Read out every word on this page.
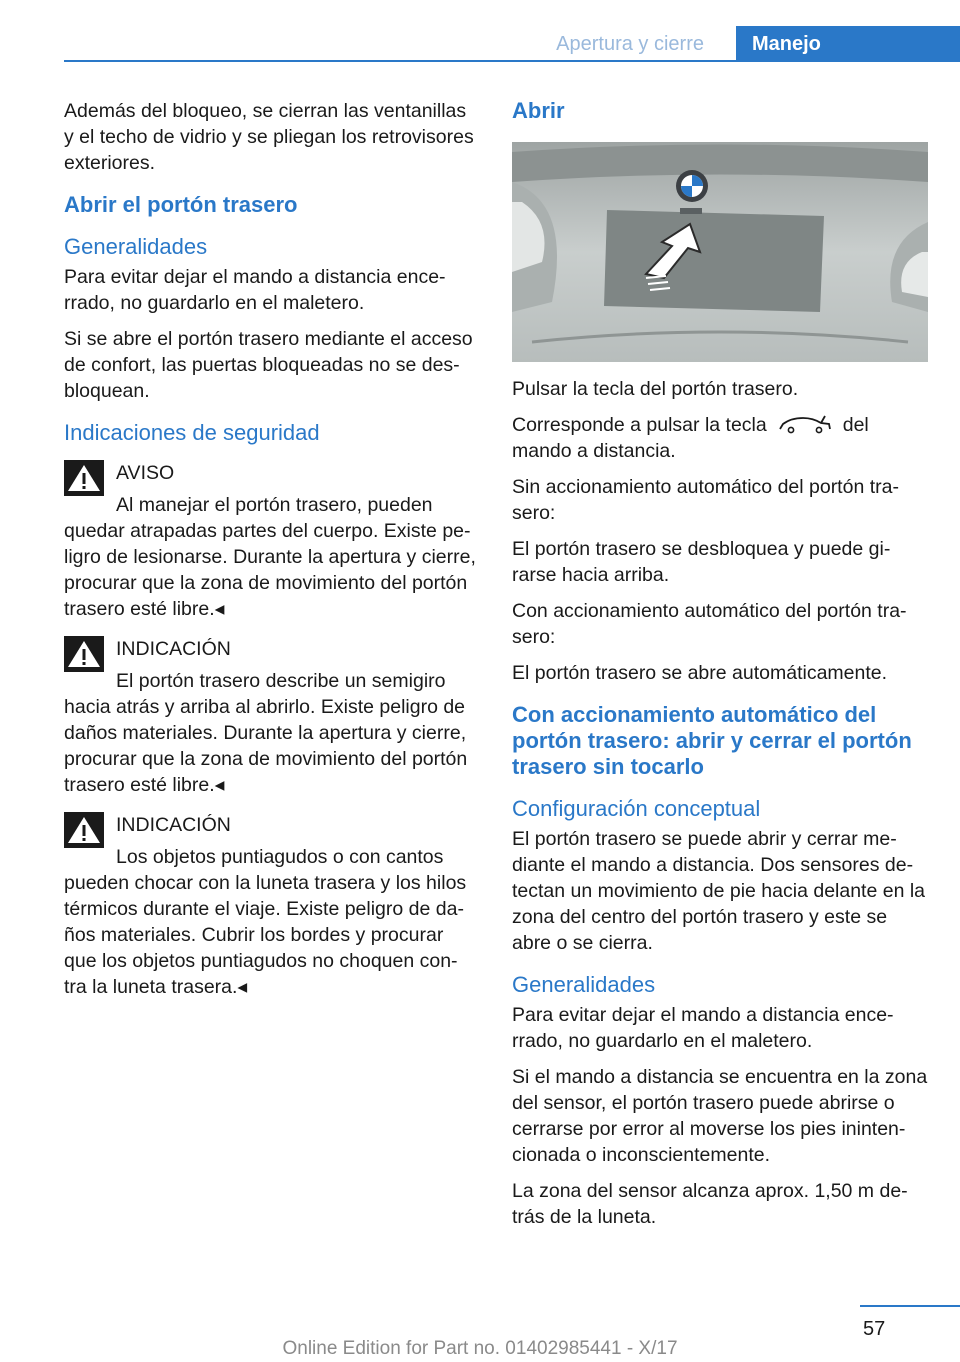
Apertura y cierre	Manejo

Además del bloqueo, se cierran las ventanillas y el techo de vidrio y se pliegan los retrovisores exteriores.

Abrir el portón trasero
Generalidades

Para evitar dejar el mando a distancia ence-rrado, no guardarlo en el maletero.

Si se abre el portón trasero mediante el acceso de confort, las puertas bloqueadas no se des-bloquean.

Indicaciones de seguridad
AVISO

Al manejar el portón trasero, pueden quedar atrapadas partes del cuerpo. Existe pe-ligro de lesionarse. Durante la apertura y cierre, procurar que la zona de movimiento del portón trasero esté libre.◂

INDICACIÓN

El portón trasero describe un semigiro hacia atrás y arriba al abrirlo. Existe peligro de daños materiales. Durante la apertura y cierre, procurar que la zona de movimiento del portón trasero esté libre.◂

INDICACIÓN

Los objetos puntiagudos o con cantos pueden chocar con la luneta trasera y los hilos térmicos durante el viaje. Existe peligro de da-ños materiales. Cubrir los bordes y procurar que los objetos puntiagudos no choquen con-tra la luneta trasera.◂

Abrir

Pulsar la tecla del portón trasero.

Corresponde a pulsar la tecla	del mando a distancia.

Sin accionamiento automático del portón tra-sero:

El portón trasero se desbloquea y puede gi-rarse hacia arriba.

Con accionamiento automático del portón tra-sero:

El portón trasero se abre automáticamente.

Con accionamiento automático del portón trasero: abrir y cerrar el portón trasero sin tocarlo
Configuración conceptual

El portón trasero se puede abrir y cerrar me-diante el mando a distancia. Dos sensores de-tectan un movimiento de pie hacia delante en la zona del centro del portón trasero y este se abre o se cierra.

Generalidades

Para evitar dejar el mando a distancia ence-rrado, no guardarlo en el maletero.

Si el mando a distancia se encuentra en la zona del sensor, el portón trasero puede abrirse o cerrarse por error al moverse los pies ininten-cionada o inconscientemente.

La zona del sensor alcanza aprox. 1,50 m de-trás de la luneta.

57
Online Edition for Part no. 01402985441 - X/17
